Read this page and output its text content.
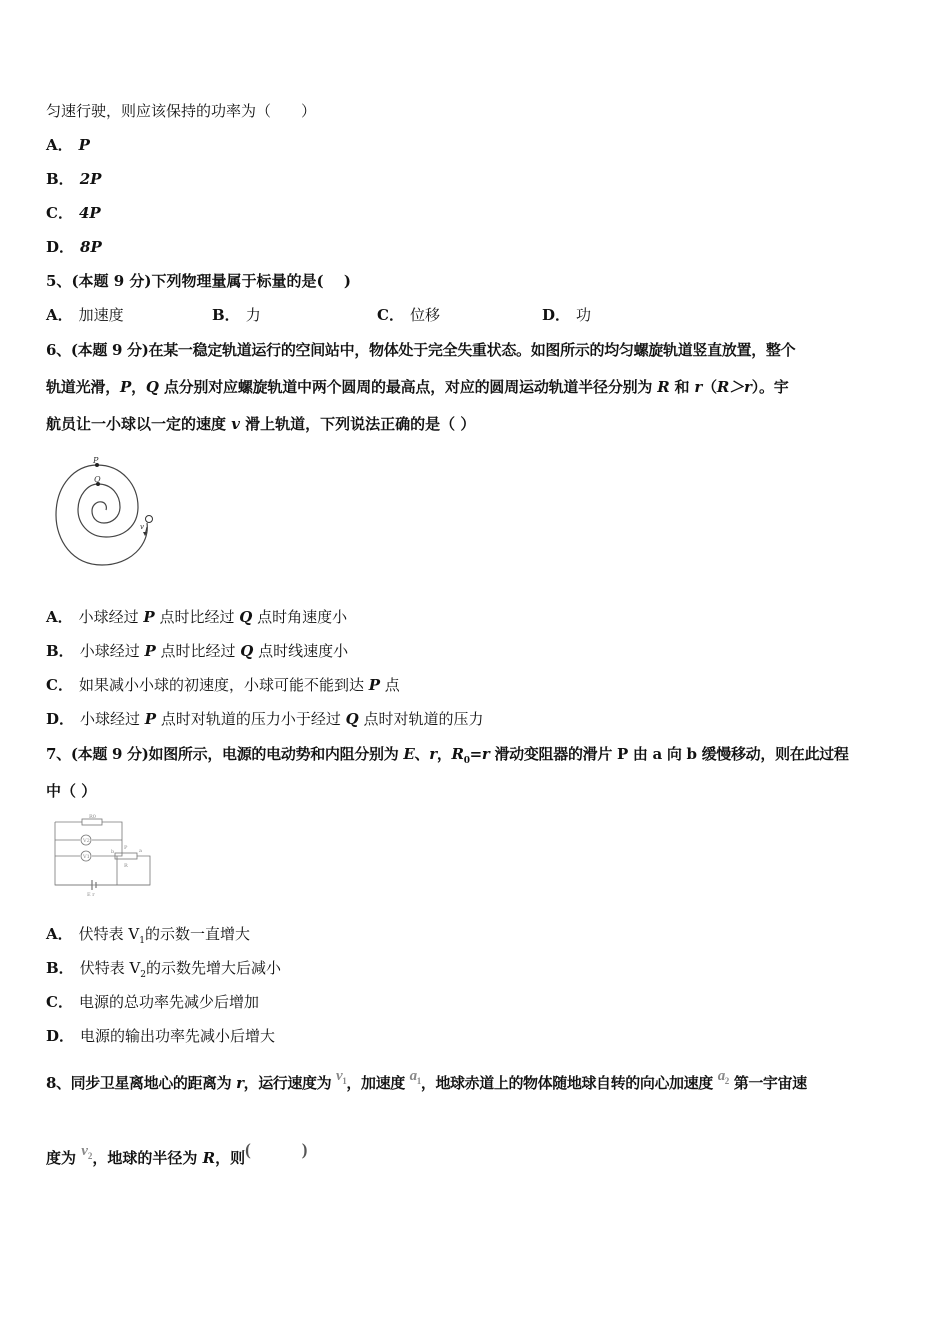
匀速行驶，则应该保持的功率为（　　）
A． P
B． 2P
C． 4P
D． 8P
5、(本题 9 分)下列物理量属于标量的是(　 )
A． 加速度	B． 力	C． 位移	D． 功
6、(本题 9 分)在某一稳定轨道运行的空间站中，物体处于完全失重状态。如图所示的均匀螺旋轨道竖直放置，整个
轨道光滑，P，Q 点分别对应螺旋轨道中两个圆周的最高点，对应的圆周运动轨道半径分别为 R 和 r（R＞r）。宇
航员让一小球以一定的速度 v 滑上轨道，下列说法正确的是（ ）
P
Q
v
A． 小球经过 P 点时比经过 Q 点时角速度小
B． 小球经过 P 点时比经过 Q 点时线速度小
C． 如果减小小球的初速度，小球可能不能到达 P 点
D． 小球经过 P 点时对轨道的压力小于经过 Q 点时对轨道的压力
7、(本题 9 分)如图所示，电源的电动势和内阻分别为 E、r，$R_0=r$ 滑动变阻器的滑片 P 由 a 向 b 缓慢移动，则在此过程
中（ ）
R0
V2
V1
a
b
R
P
E r
A． 伏特表 $V_1$的示数一直增大
B． 伏特表 $V_2$的示数先增大后减小
C． 电源的总功率先减少后增加
D． 电源的输出功率先减小后增大
8、同步卫星离地心的距离为 r，运行速度为 $v_1$，加速度 $a_1$，地球赤道上的物体随地球自转的向心加速度 $a_2$ 第一宇宙速
度为 $v_2$，地球的半径为 R，则(　　　)
